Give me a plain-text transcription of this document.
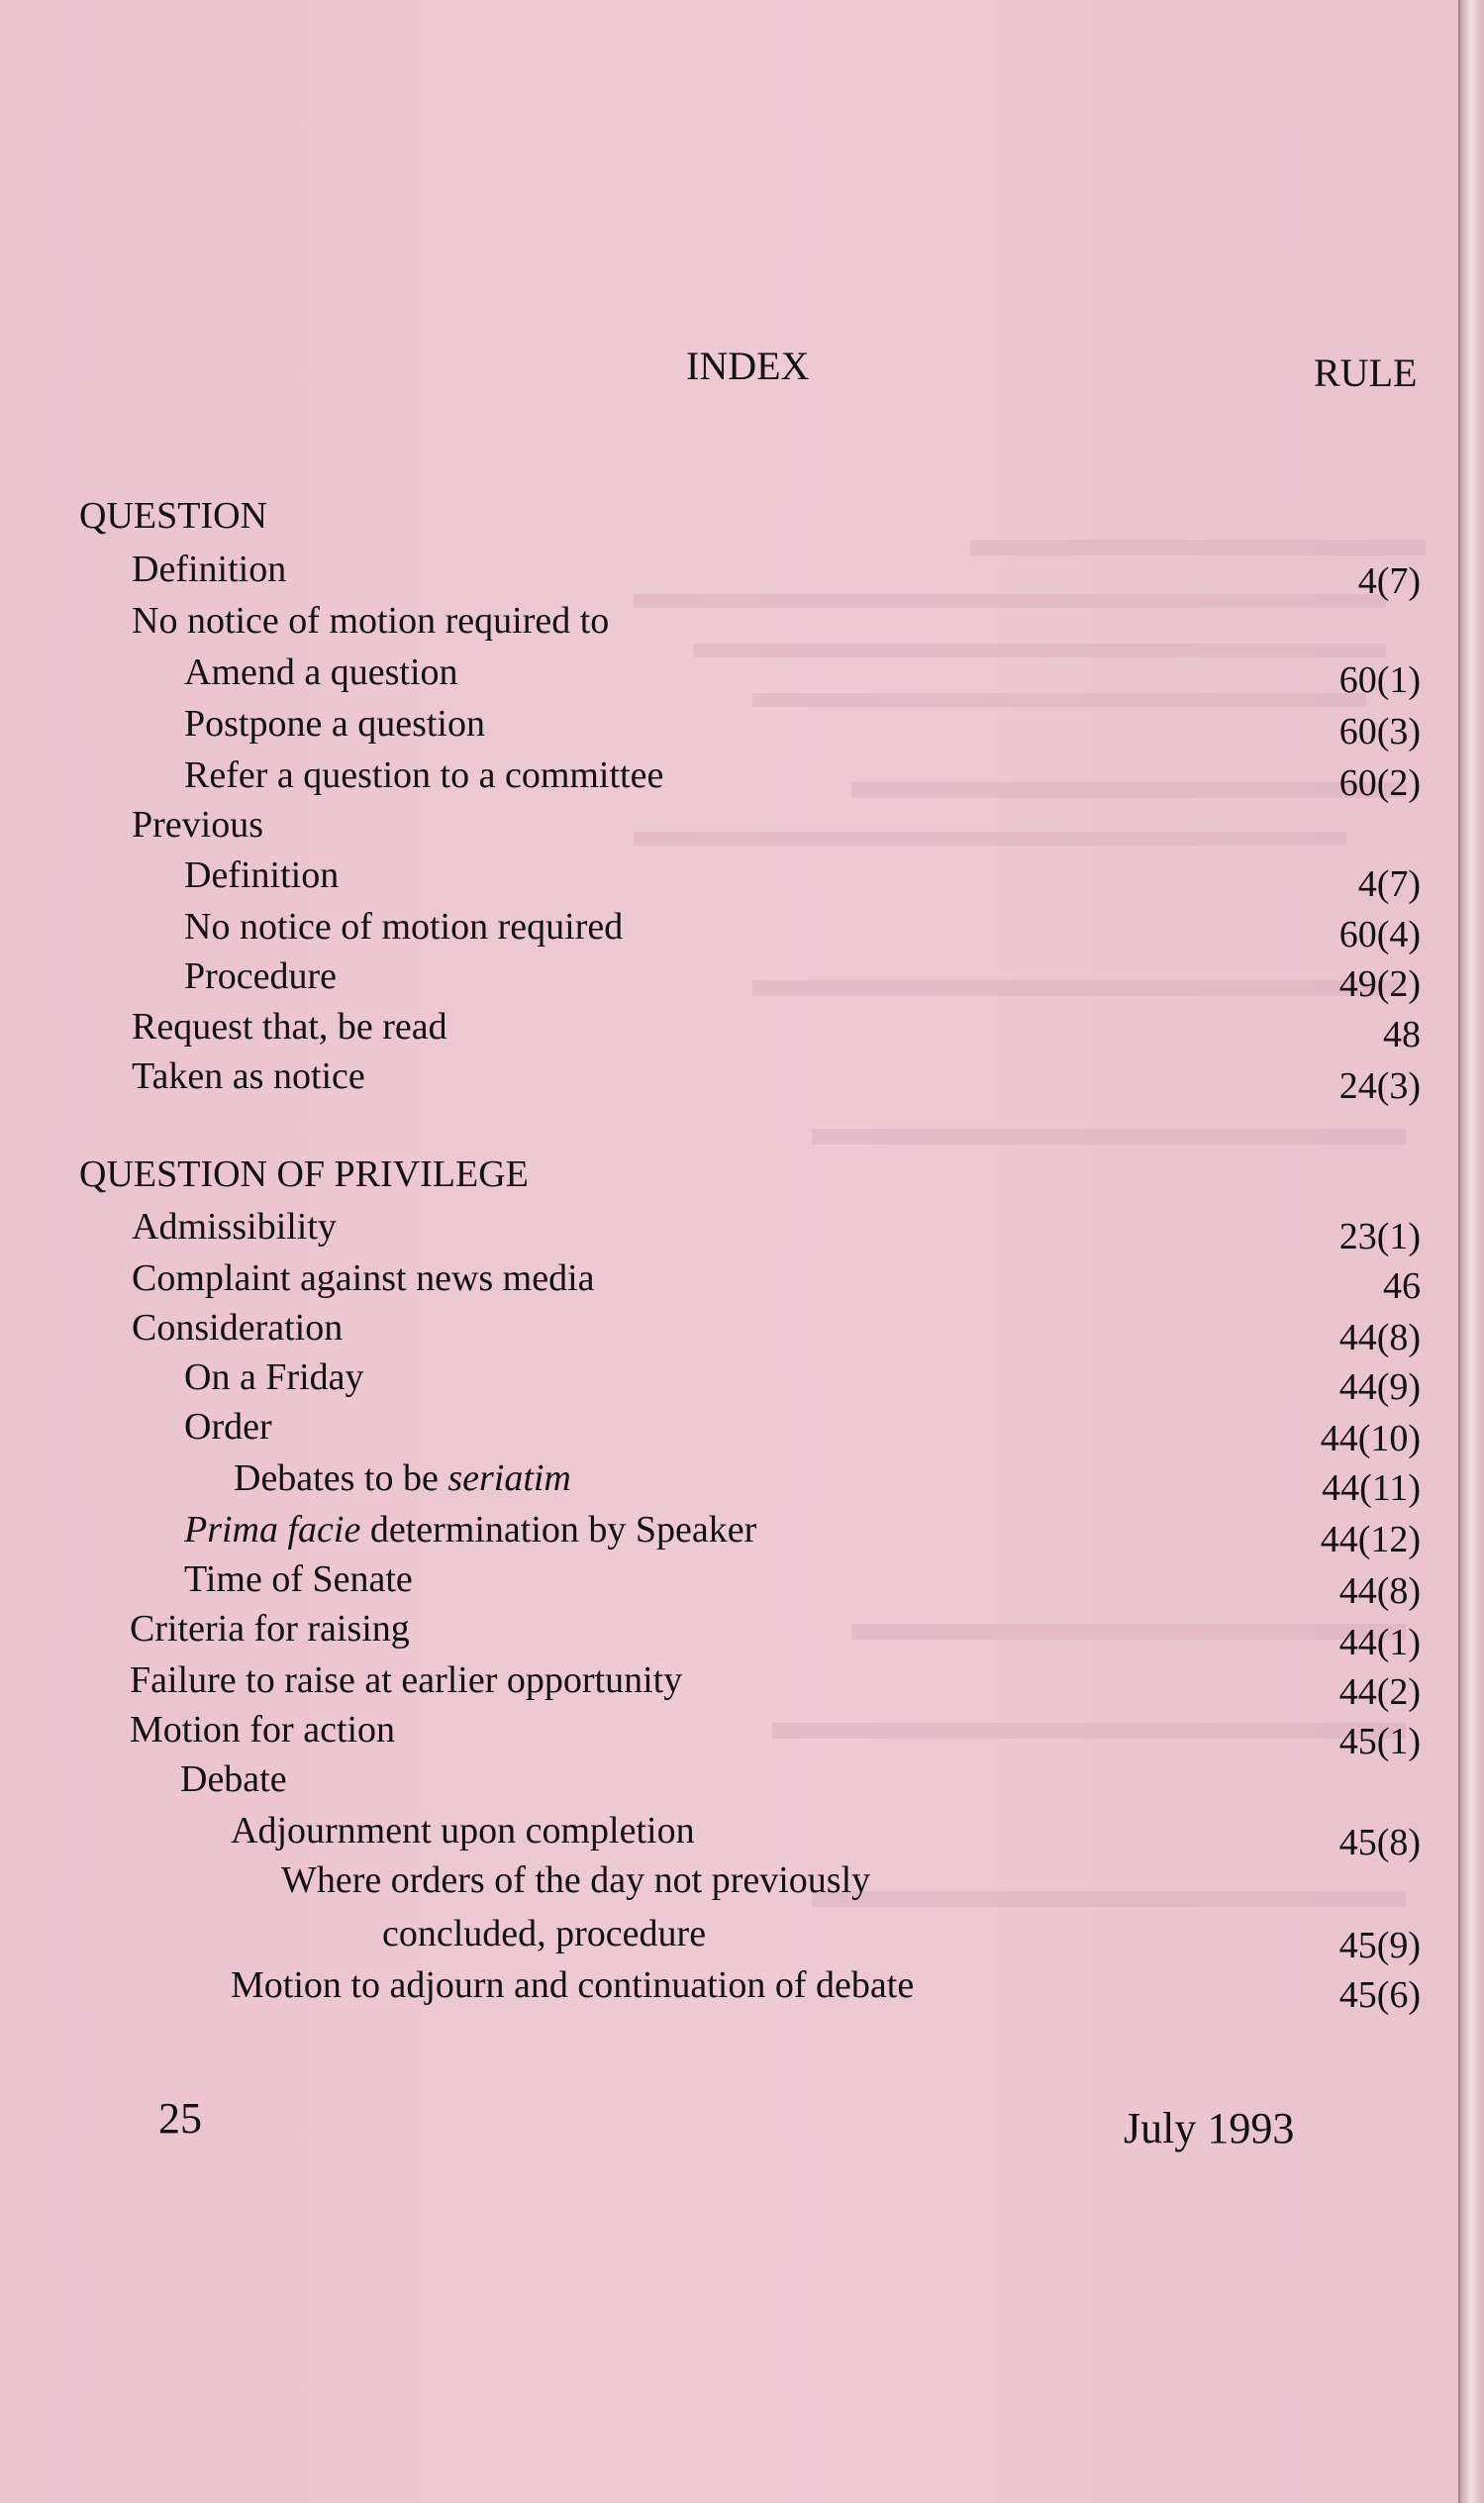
INDEX	RULE
QUESTION
Definition	4(7)
No notice of motion required to
Amend a question	60(1)
Postpone a question	60(3)
Refer a question to a committee	60(2)
Previous
Definition	4(7)
No notice of motion required	60(4)
Procedure	49(2)
Request that, be read	48
Taken as notice	24(3)
QUESTION OF PRIVILEGE
Admissibility	23(1)
Complaint against news media	46
Consideration	44(8)
On a Friday	44(9)
Order	44(10)
Debates to be seriatim	44(11)
Prima facie determination by Speaker	44(12)
Time of Senate	44(8)
Criteria for raising	44(1)
Failure to raise at earlier opportunity	44(2)
Motion for action	45(1)
Debate
Adjournment upon completion	45(8)
Where orders of the day not previously
concluded, procedure	45(9)
Motion to adjourn and continuation of debate	45(6)
25	July 1993
